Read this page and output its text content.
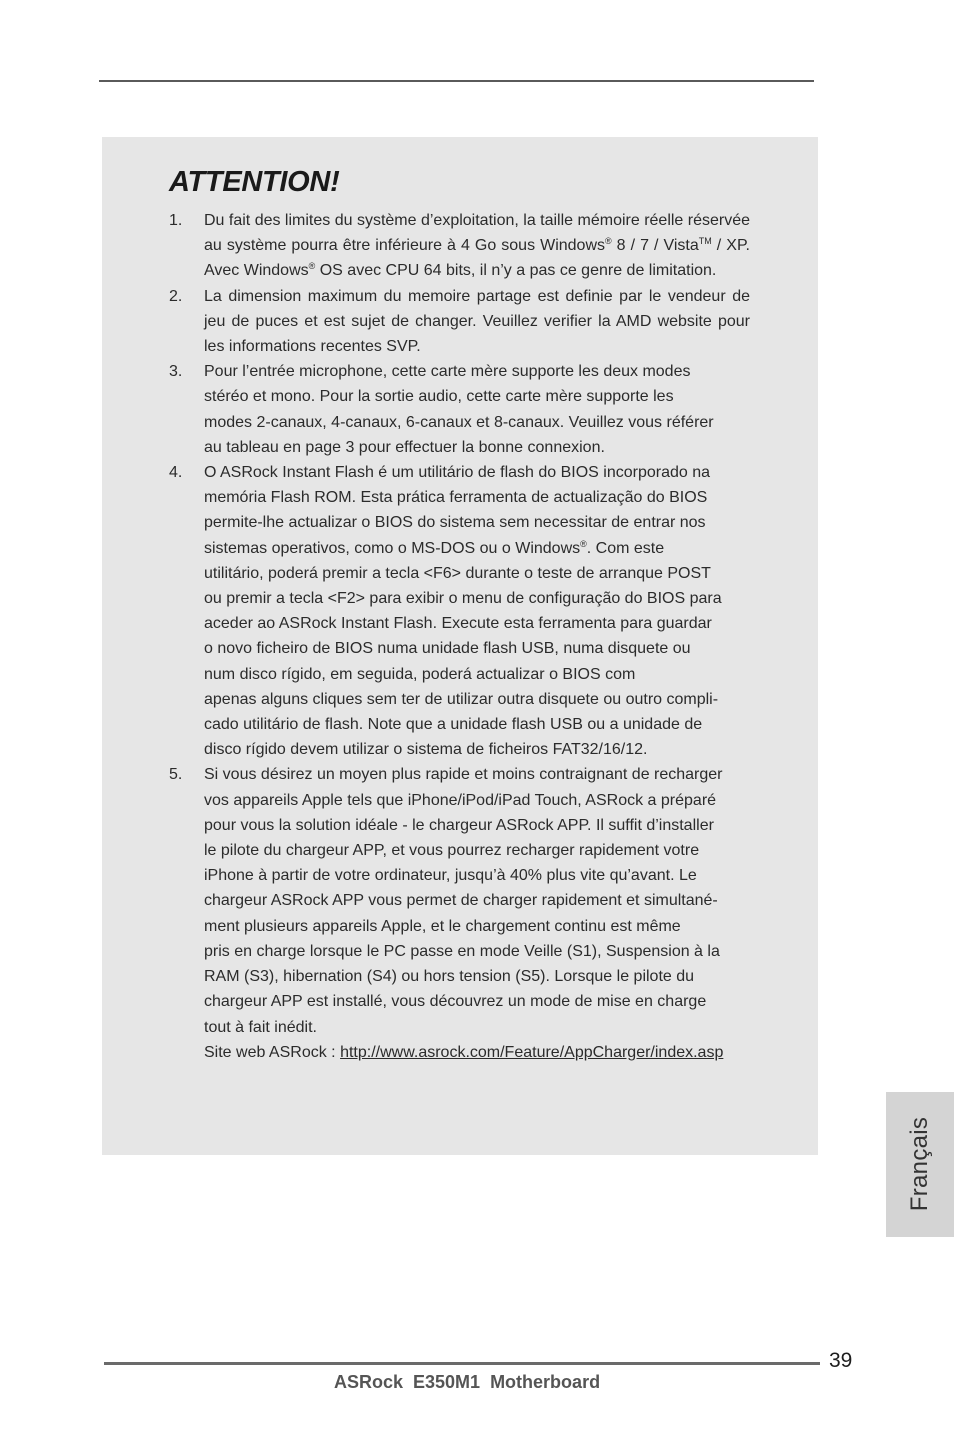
ATTENTION!
1. Du fait des limites du système d’exploitation, la taille mémoire réelle réservée au système pourra être inférieure à 4 Go sous Windows® 8 / 7 / Vista™ / XP. Avec Windows® OS avec CPU 64 bits, il n’y a pas ce genre de limitation.
2. La dimension maximum du memoire partage est definie par le vendeur de jeu de puces et est sujet de changer. Veuillez verifier la AMD website pour les informations recentes SVP.
3. Pour l’entrée microphone, cette carte mère supporte les deux modes
stéréo et mono. Pour la sortie audio, cette carte mère supporte les
modes 2-canaux, 4-canaux, 6-canaux et 8-canaux. Veuillez vous référer
au tableau en page 3 pour effectuer la bonne connexion.
4. O ASRock Instant Flash é um utilitário de flash do BIOS incorporado na
memória Flash ROM. Esta prática ferramenta de actualização do BIOS
permite-lhe actualizar o BIOS do sistema sem necessitar de entrar nos
sistemas operativos, como o MS-DOS ou o Windows®. Com este
utilitário, poderá premir a tecla <F6> durante o teste de arranque POST
ou premir a tecla <F2> para exibir o menu de configuração do BIOS para
aceder ao ASRock Instant Flash. Execute esta ferramenta para guardar
o novo ficheiro de BIOS numa unidade flash USB, numa disquete ou
num disco rígido, em seguida, poderá actualizar o BIOS com
apenas alguns cliques sem ter de utilizar outra disquete ou outro compli-
cado utilitário de flash. Note que a unidade flash USB ou a unidade de
disco rígido devem utilizar o sistema de ficheiros FAT32/16/12.
5. Si vous désirez un moyen plus rapide et moins contraignant de recharger
vos appareils Apple tels que iPhone/iPod/iPad Touch, ASRock a préparé
pour vous la solution idéale - le chargeur ASRock APP. Il suffit d’installer
le pilote du chargeur APP, et vous pourrez recharger rapidement votre
iPhone à partir de votre ordinateur, jusqu’à 40% plus vite qu’avant. Le
chargeur ASRock APP vous permet de charger rapidement et simultané-
ment plusieurs appareils Apple, et le chargement continu est même
pris en charge lorsque le PC passe en mode Veille (S1), Suspension à la
RAM (S3), hibernation (S4) ou hors tension (S5). Lorsque le pilote du
chargeur APP est installé, vous découvrez un mode de mise en charge
tout à fait inédit.
Site web ASRock : http://www.asrock.com/Feature/AppCharger/index.asp
Français
39
ASRock  E350M1  Motherboard
